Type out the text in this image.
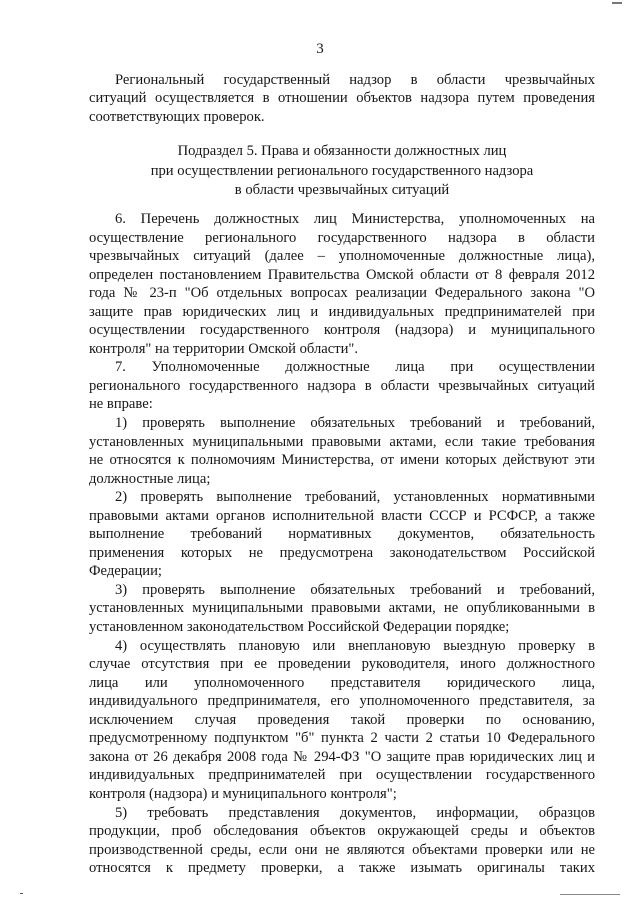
3

Региональный государственный надзор в области чрезвычайных

ситуаций осуществляется в отношении объектов надзора путем проведения

соответствующих проверок.

Подраздел 5. Права и обязанности должностных лиц

при осуществлении регионального государственного надзора

в области чрезвычайных ситуаций

6. Перечень должностных лиц Министерства, уполномоченных на

осуществление регионального государственного надзора в области

чрезвычайных ситуаций (далее – уполномоченные должностные лица),

определен постановлением Правительства Омской области от 8 февраля 2012

года № 23-п "Об отдельных вопросах реализации Федерального закона "О

защите прав юридических лиц и индивидуальных предпринимателей при

осуществлении государственного контроля (надзора) и муниципального

контроля" на территории Омской области".

7. Уполномоченные должностные лица при осуществлении

регионального государственного надзора в области чрезвычайных ситуаций

не вправе:

1) проверять выполнение обязательных требований и требований,

установленных муниципальными правовыми актами, если такие требования

не относятся к полномочиям Министерства, от имени которых действуют эти

должностные лица;

2) проверять выполнение требований, установленных нормативными

правовыми актами органов исполнительной власти СССР и РСФСР, а также

выполнение требований нормативных документов, обязательность

применения которых не предусмотрена законодательством Российской

Федерации;

3) проверять выполнение обязательных требований и требований,

установленных муниципальными правовыми актами, не опубликованными в

установленном законодательством Российской Федерации порядке;

4) осуществлять плановую или внеплановую выездную проверку в

случае отсутствия при ее проведении руководителя, иного должностного

лица или уполномоченного представителя юридического лица,

индивидуального предпринимателя, его уполномоченного представителя, за

исключением случая проведения такой проверки по основанию,

предусмотренному подпунктом "б" пункта 2 части 2 статьи 10 Федерального

закона от 26 декабря 2008 года № 294-ФЗ "О защите прав юридических лиц и

индивидуальных предпринимателей при осуществлении государственного

контроля (надзора) и муниципального контроля";

5) требовать представления документов, информации, образцов

продукции, проб обследования объектов окружающей среды и объектов

производственной среды, если они не являются объектами проверки или не

относятся к предмету проверки, а также изымать оригиналы таких
